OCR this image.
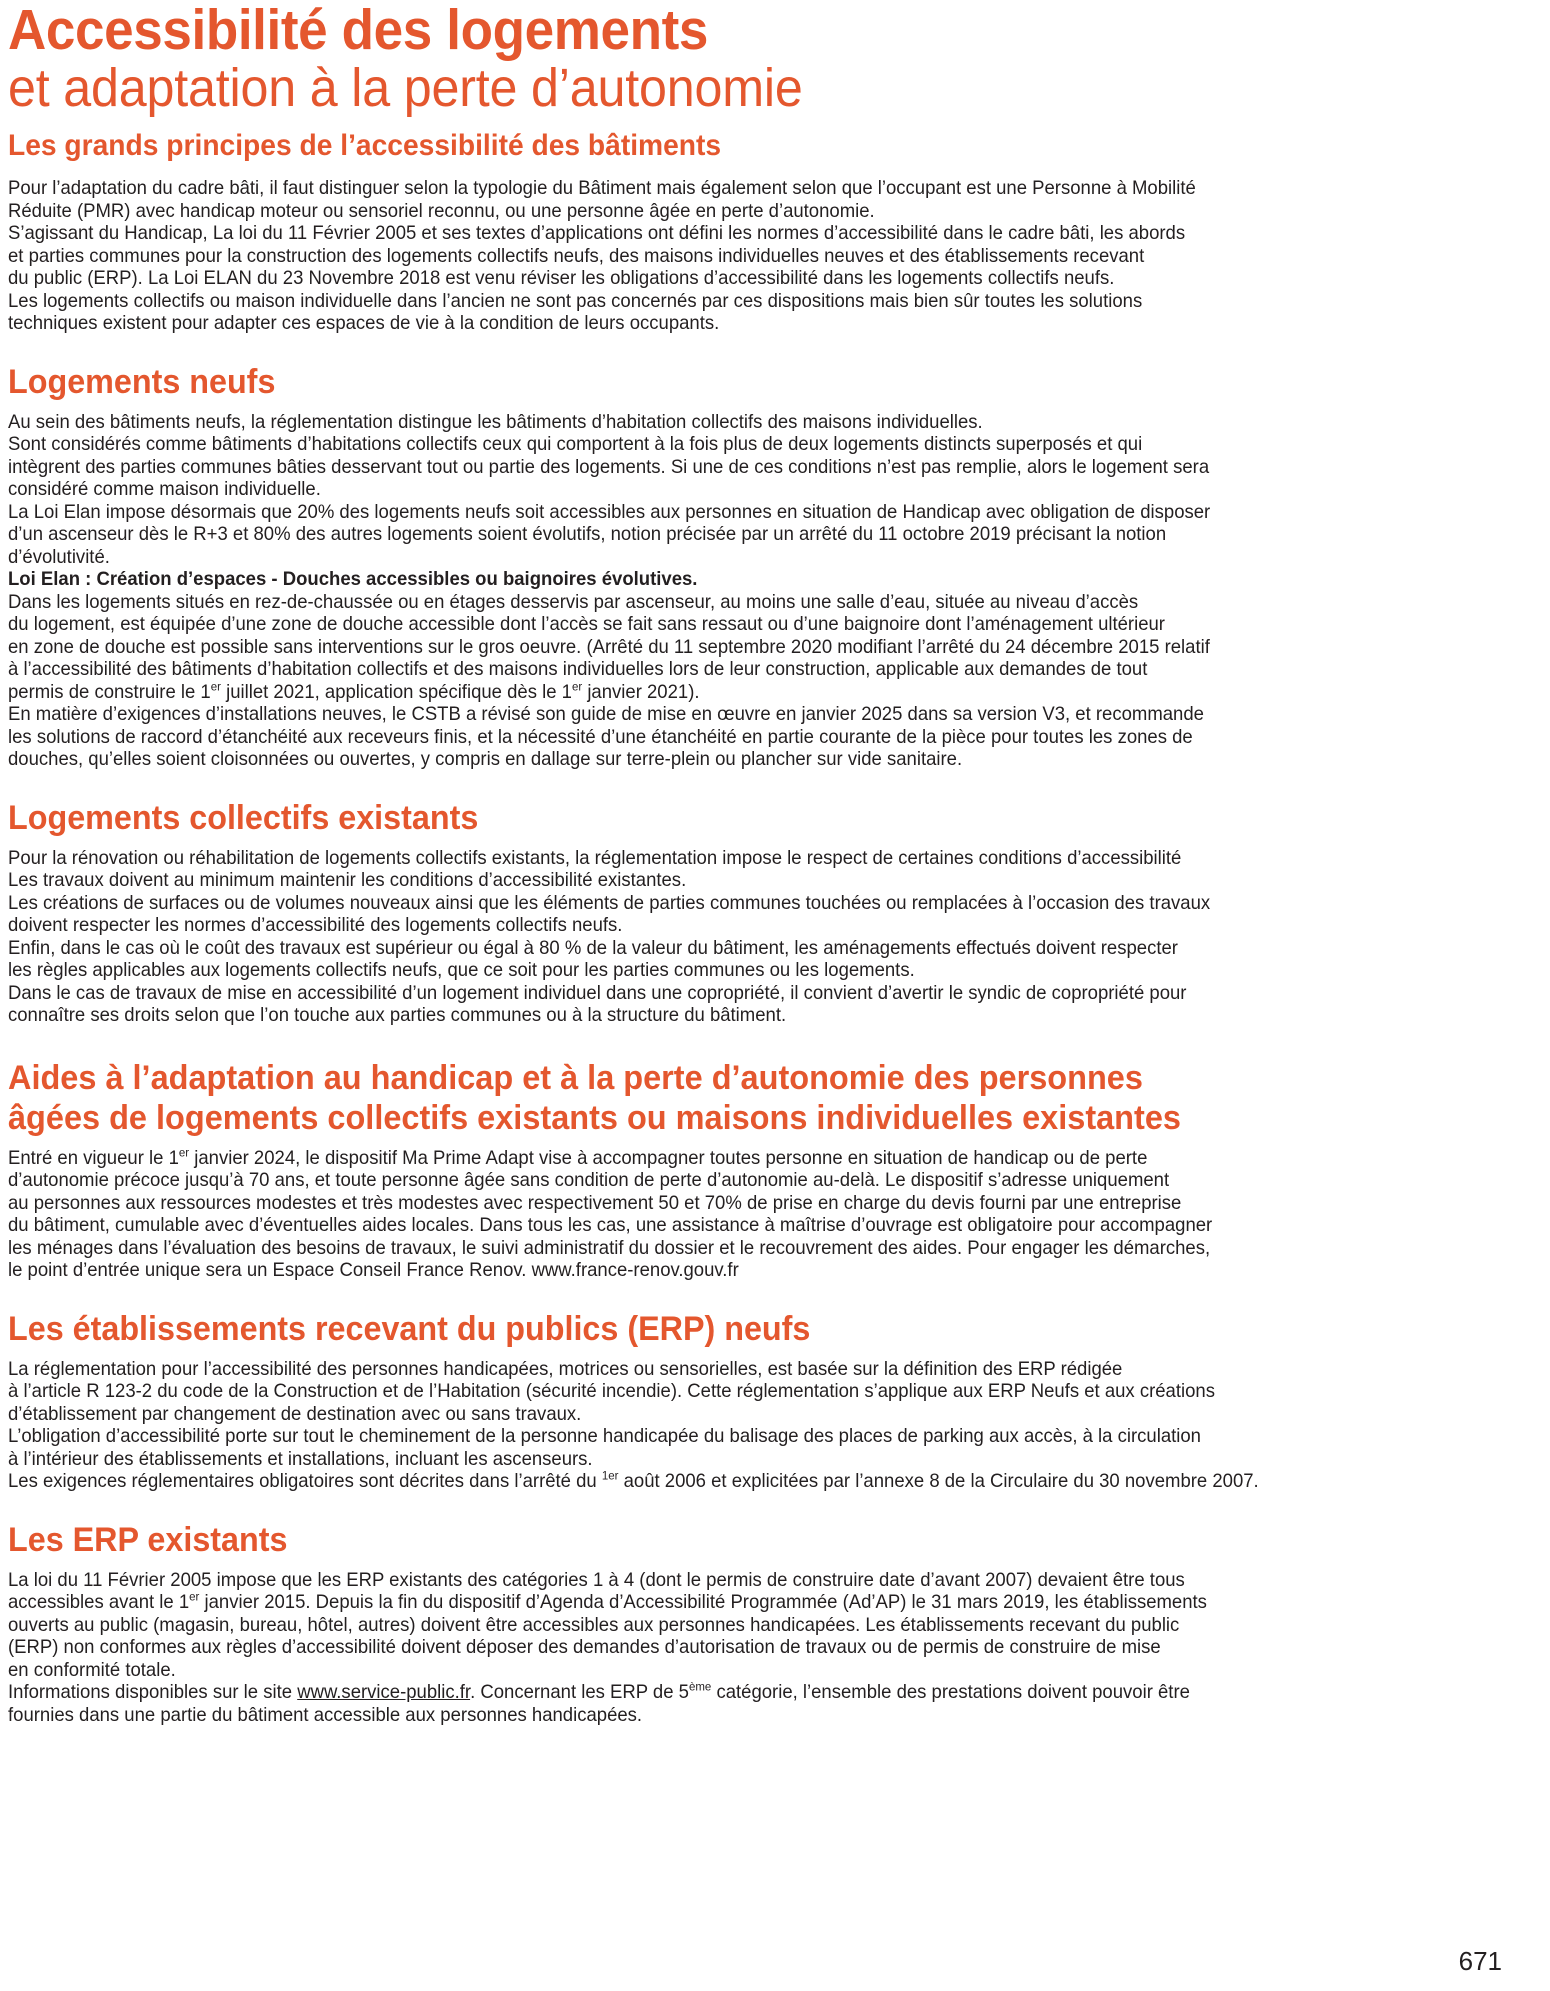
Accessibilité des logements
et adaptation à la perte d’autonomie
Les grands principes de l’accessibilité des bâtiments
Pour l’adaptation du cadre bâti, il faut distinguer selon la typologie du Bâtiment mais également selon que l’occupant est une Personne à Mobilité
Réduite (PMR) avec handicap moteur ou sensoriel reconnu, ou une personne âgée en perte d’autonomie.
S’agissant du Handicap, La loi du 11 Février 2005 et ses textes d’applications ont défini les normes d’accessibilité dans le cadre bâti, les abords
et parties communes pour la construction des logements collectifs neufs, des maisons individuelles neuves et des établissements recevant
du public (ERP). La Loi ELAN du 23 Novembre 2018 est venu réviser les obligations d’accessibilité dans les logements collectifs neufs.
Les logements collectifs ou maison individuelle dans l’ancien ne sont pas concernés par ces dispositions mais bien sûr toutes les solutions
techniques existent pour adapter ces espaces de vie à la condition de leurs occupants.
Logements neufs
Au sein des bâtiments neufs, la réglementation distingue les bâtiments d’habitation collectifs des maisons individuelles.
Sont considérés comme bâtiments d’habitations collectifs ceux qui comportent à la fois plus de deux logements distincts superposés et qui
intègrent des parties communes bâties desservant tout ou partie des logements. Si une de ces conditions n’est pas remplie, alors le logement sera
considéré comme maison individuelle.
La Loi Elan impose désormais que 20% des logements neufs soit accessibles aux personnes en situation de Handicap avec obligation de disposer
d’un ascenseur dès le R+3 et 80% des autres logements soient évolutifs, notion précisée par un arrêté du 11 octobre 2019 précisant la notion
d’évolutivité.
Loi Elan : Création d’espaces - Douches accessibles ou baignoires évolutives.
Dans les logements situés en rez-de-chaussée ou en étages desservis par ascenseur, au moins une salle d’eau, située au niveau d’accès
du logement, est équipée d’une zone de douche accessible dont l’accès se fait sans ressaut ou d’une baignoire dont l’aménagement ultérieur
en zone de douche est possible sans interventions sur le gros oeuvre. (Arrêté du 11 septembre 2020 modifiant l’arrêté du 24 décembre 2015 relatif
à l’accessibilité des bâtiments d’habitation collectifs et des maisons individuelles lors de leur construction, applicable aux demandes de tout
permis de construire le 1er juillet 2021, application spécifique dès le 1er janvier 2021).
En matière d’exigences d’installations neuves, le CSTB a révisé son guide de mise en œuvre en janvier 2025 dans sa version V3, et recommande
les solutions de raccord d’étanchéité aux receveurs finis, et la nécessité d’une étanchéité en partie courante de la pièce pour toutes les zones de
douches, qu’elles soient cloisonnées ou ouvertes, y compris en dallage sur terre-plein ou plancher sur vide sanitaire.
Logements collectifs existants
Pour la rénovation ou réhabilitation de logements collectifs existants, la réglementation impose le respect de certaines conditions d’accessibilité
Les travaux doivent au minimum maintenir les conditions d’accessibilité existantes.
Les créations de surfaces ou de volumes nouveaux ainsi que les éléments de parties communes touchées ou remplacées à l’occasion des travaux
doivent respecter les normes d’accessibilité des logements collectifs neufs.
Enfin, dans le cas où le coût des travaux est supérieur ou égal à 80 % de la valeur du bâtiment, les aménagements effectués doivent respecter
les règles applicables aux logements collectifs neufs, que ce soit pour les parties communes ou les logements.
Dans le cas de travaux de mise en accessibilité d’un logement individuel dans une copropriété, il convient d’avertir le syndic de copropriété pour
connaître ses droits selon que l’on touche aux parties communes ou à la structure du bâtiment.
Aides à l’adaptation au handicap et à la perte d’autonomie des personnes
âgées de logements collectifs existants ou maisons individuelles existantes
Entré en vigueur le 1er janvier 2024, le dispositif Ma Prime Adapt vise à accompagner toutes personne en situation de handicap ou de perte
d’autonomie précoce jusqu’à 70 ans, et toute personne âgée sans condition de perte d’autonomie au-delà. Le dispositif s’adresse uniquement
au personnes aux ressources modestes et très modestes avec respectivement 50 et 70% de prise en charge du devis fourni par une entreprise
du bâtiment, cumulable avec d’éventuelles aides locales. Dans tous les cas, une assistance à maîtrise d’ouvrage est obligatoire pour accompagner
les ménages dans l’évaluation des besoins de travaux, le suivi administratif du dossier et le recouvrement des aides. Pour engager les démarches,
le point d’entrée unique sera un Espace Conseil France Renov. www.france-renov.gouv.fr
Les établissements recevant du publics (ERP) neufs
La réglementation pour l’accessibilité des personnes handicapées, motrices ou sensorielles, est basée sur la définition des ERP rédigée
à l’article R 123-2 du code de la Construction et de l’Habitation (sécurité incendie). Cette réglementation s’applique aux ERP Neufs et aux créations
d’établissement par changement de destination avec ou sans travaux.
L’obligation d’accessibilité porte sur tout le cheminement de la personne handicapée du balisage des places de parking aux accès, à la circulation
à l’intérieur des établissements et installations, incluant les ascenseurs.
Les exigences réglementaires obligatoires sont décrites dans l’arrêté du $^{1er}$ août 2006 et explicitées par l’annexe 8 de la Circulaire du 30 novembre 2007.
Les ERP existants
La loi du 11 Février 2005 impose que les ERP existants des catégories 1 à 4 (dont le permis de construire date d’avant 2007) devaient être tous
accessibles avant le 1er janvier 2015. Depuis la fin du dispositif d’Agenda d’Accessibilité Programmée (Ad’AP) le 31 mars 2019, les établissements
ouverts au public (magasin, bureau, hôtel, autres) doivent être accessibles aux personnes handicapées. Les établissements recevant du public
(ERP) non conformes aux règles d’accessibilité doivent déposer des demandes d’autorisation de travaux ou de permis de construire de mise
en conformité totale.
Informations disponibles sur le site www.service-public.fr. Concernant les ERP de 5ème catégorie, l’ensemble des prestations doivent pouvoir être
fournies dans une partie du bâtiment accessible aux personnes handicapées.
671
